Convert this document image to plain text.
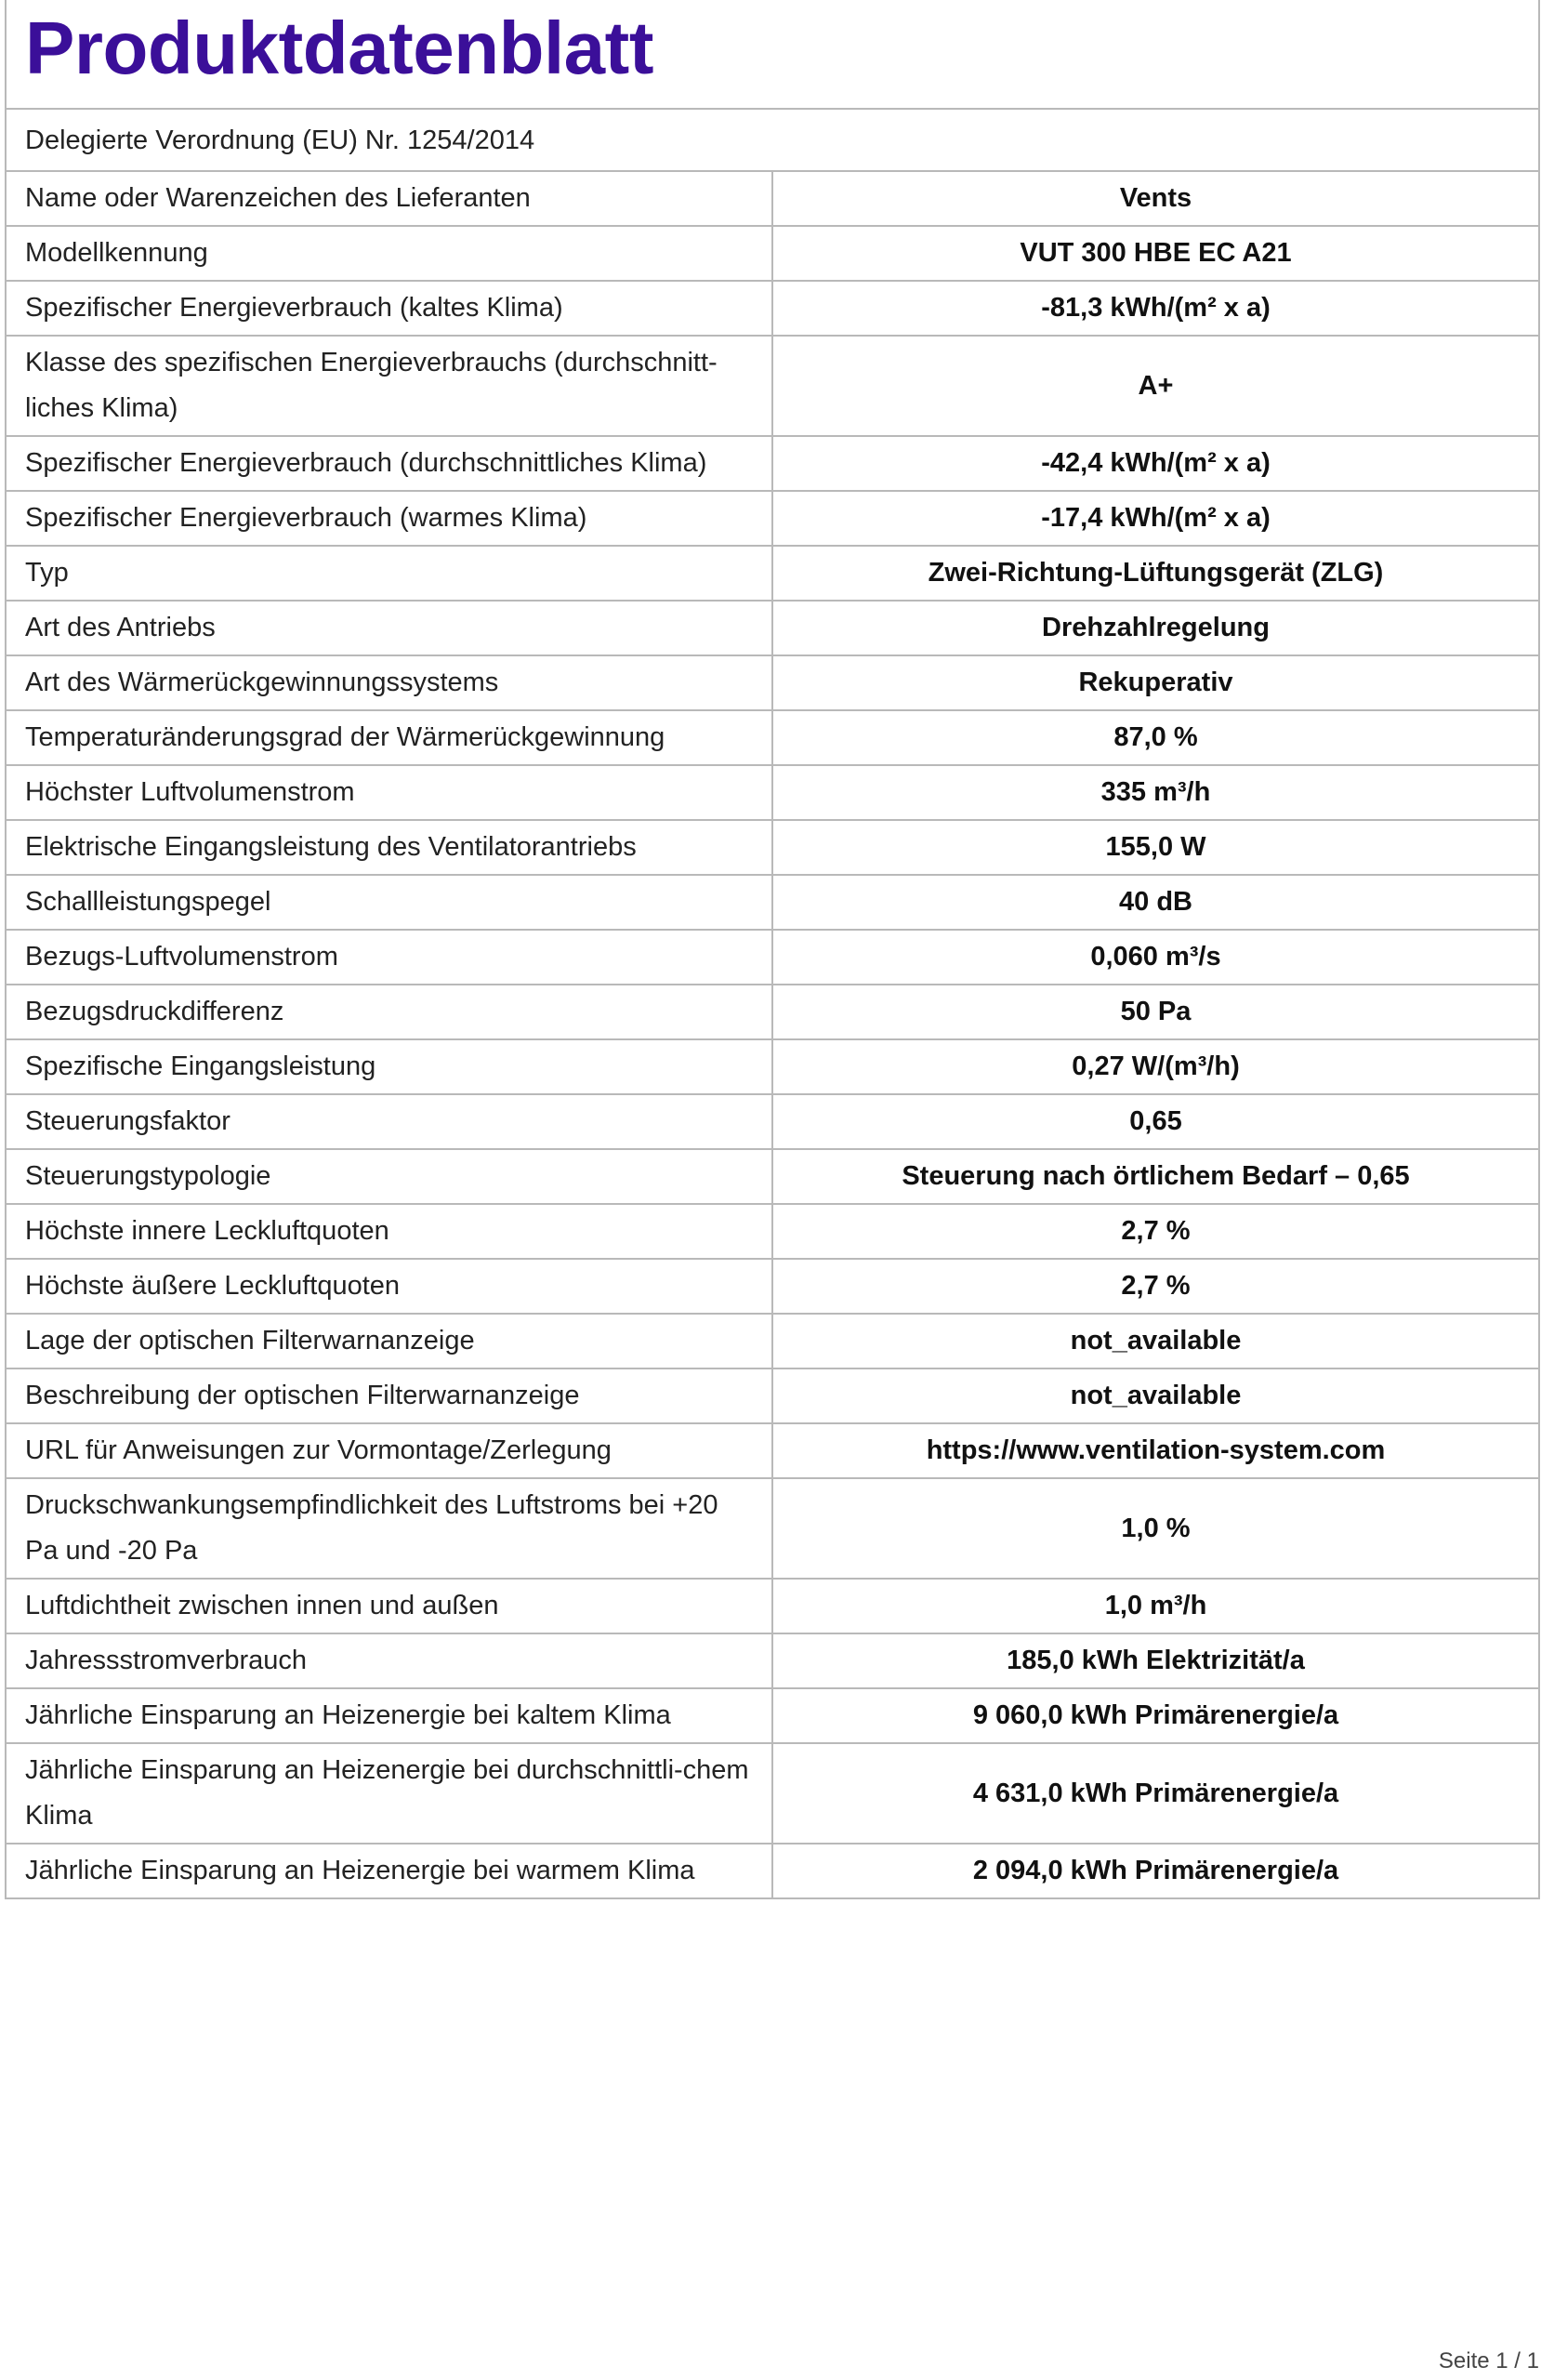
Produktdatenblatt
Delegierte Verordnung (EU) Nr. 1254/2014
Name oder Warenzeichen des Lieferanten	Vents
Modellkennung	VUT 300 HBE EC A21
Spezifischer Energieverbrauch (kaltes Klima)	-81,3 kWh/(m² x a)
Klasse des spezifischen Energieverbrauchs (durchschnitt-liches Klima)	A+
Spezifischer Energieverbrauch (durchschnittliches Klima)	-42,4 kWh/(m² x a)
Spezifischer Energieverbrauch (warmes Klima)	-17,4 kWh/(m² x a)
Typ	Zwei-Richtung-Lüftungsgerät (ZLG)
Art des Antriebs	Drehzahlregelung
Art des Wärmerückgewinnungssystems	Rekuperativ
Temperaturänderungsgrad der Wärmerückgewinnung	87,0 %
Höchster Luftvolumenstrom	335 m³/h
Elektrische Eingangsleistung des Ventilatorantriebs	155,0 W
Schallleistungspegel	40 dB
Bezugs-Luftvolumenstrom	0,060 m³/s
Bezugsdruckdifferenz	50 Pa
Spezifische Eingangsleistung	0,27 W/(m³/h)
Steuerungsfaktor	0,65
Steuerungstypologie	Steuerung nach örtlichem Bedarf – 0,65
Höchste innere Leckluftquoten	2,7 %
Höchste äußere Leckluftquoten	2,7 %
Lage der optischen Filterwarnanzeige	not_available
Beschreibung der optischen Filterwarnanzeige	not_available
URL für Anweisungen zur Vormontage/Zerlegung	https://www.ventilation-system.com
Druckschwankungsempfindlichkeit des Luftstroms bei +20 Pa und -20 Pa	1,0 %
Luftdichtheit zwischen innen und außen	1,0 m³/h
Jahressstromverbrauch	185,0 kWh Elektrizität/a
Jährliche Einsparung an Heizenergie bei kaltem Klima	9 060,0 kWh Primärenergie/a
Jährliche Einsparung an Heizenergie bei durchschnittli-chem Klima	4 631,0 kWh Primärenergie/a
Jährliche Einsparung an Heizenergie bei warmem Klima	2 094,0 kWh Primärenergie/a
Seite 1 / 1
